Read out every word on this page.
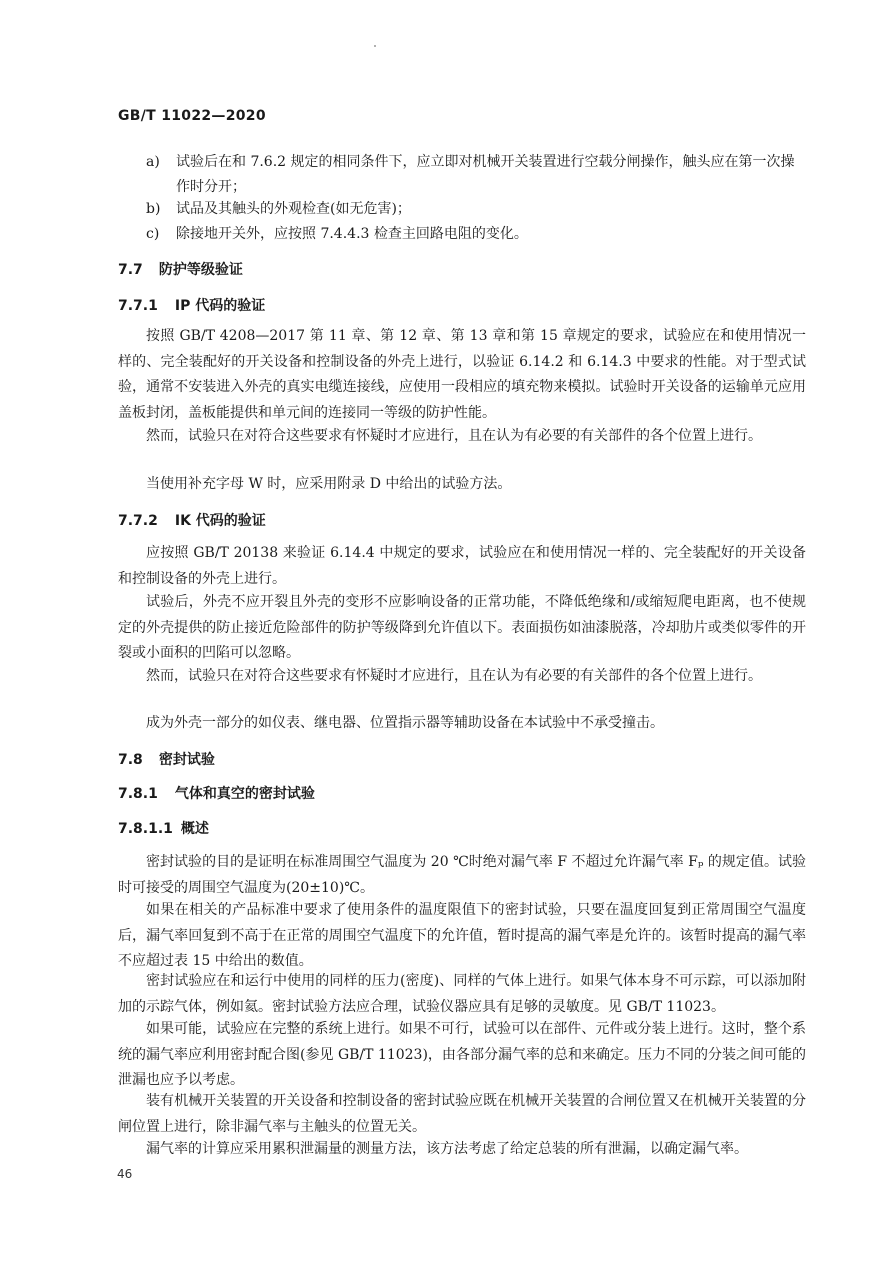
GB/T 11022—2020
a)	试验后在和 7.6.2 规定的相同条件下，应立即对机械开关装置进行空载分闸操作，触头应在第一次操作时分开；
b)	试品及其触头的外观检查(如无危害)；
c)	除接地开关外，应按照 7.4.4.3 检查主回路电阻的变化。
7.7 防护等级验证
7.7.1 IP 代码的验证
按照 GB/T 4208—2017 第 11 章、第 12 章、第 13 章和第 15 章规定的要求，试验应在和使用情况一样的、完全装配好的开关设备和控制设备的外壳上进行，以验证 6.14.2 和 6.14.3 中要求的性能。对于型式试验，通常不安装进入外壳的真实电缆连接线，应使用一段相应的填充物来模拟。试验时开关设备的运输单元应用盖板封闭，盖板能提供和单元间的连接同一等级的防护性能。
然而，试验只在对符合这些要求有怀疑时才应进行，且在认为有必要的有关部件的各个位置上进行。
当使用补充字母 W 时，应采用附录 D 中给出的试验方法。
7.7.2 IK 代码的验证
应按照 GB/T 20138 来验证 6.14.4 中规定的要求，试验应在和使用情况一样的、完全装配好的开关设备和控制设备的外壳上进行。
试验后，外壳不应开裂且外壳的变形不应影响设备的正常功能，不降低绝缘和/或缩短爬电距离，也不使规定的外壳提供的防止接近危险部件的防护等级降到允许值以下。表面损伤如油漆脱落，冷却肋片或类似零件的开裂或小面积的凹陷可以忽略。
然而，试验只在对符合这些要求有怀疑时才应进行，且在认为有必要的有关部件的各个位置上进行。
成为外壳一部分的如仪表、继电器、位置指示器等辅助设备在本试验中不承受撞击。
7.8 密封试验
7.8.1 气体和真空的密封试验
7.8.1.1 概述
密封试验的目的是证明在标准周围空气温度为 20 ℃时绝对漏气率 F 不超过允许漏气率 Fₚ 的规定值。试验时可接受的周围空气温度为(20±10)℃。
如果在相关的产品标准中要求了使用条件的温度限值下的密封试验，只要在温度回复到正常周围空气温度后，漏气率回复到不高于在正常的周围空气温度下的允许值，暂时提高的漏气率是允许的。该暂时提高的漏气率不应超过表 15 中给出的数值。
密封试验应在和运行中使用的同样的压力(密度)、同样的气体上进行。如果气体本身不可示踪，可以添加附加的示踪气体，例如氦。密封试验方法应合理，试验仪器应具有足够的灵敏度。见 GB/T 11023。
如果可能，试验应在完整的系统上进行。如果不可行，试验可以在部件、元件或分装上进行。这时，整个系统的漏气率应利用密封配合图(参见 GB/T 11023)，由各部分漏气率的总和来确定。压力不同的分装之间可能的泄漏也应予以考虑。
装有机械开关装置的开关设备和控制设备的密封试验应既在机械开关装置的合闸位置又在机械开关装置的分闸位置上进行，除非漏气率与主触头的位置无关。
漏气率的计算应采用累积泄漏量的测量方法，该方法考虑了给定总装的所有泄漏，以确定漏气率。
46
